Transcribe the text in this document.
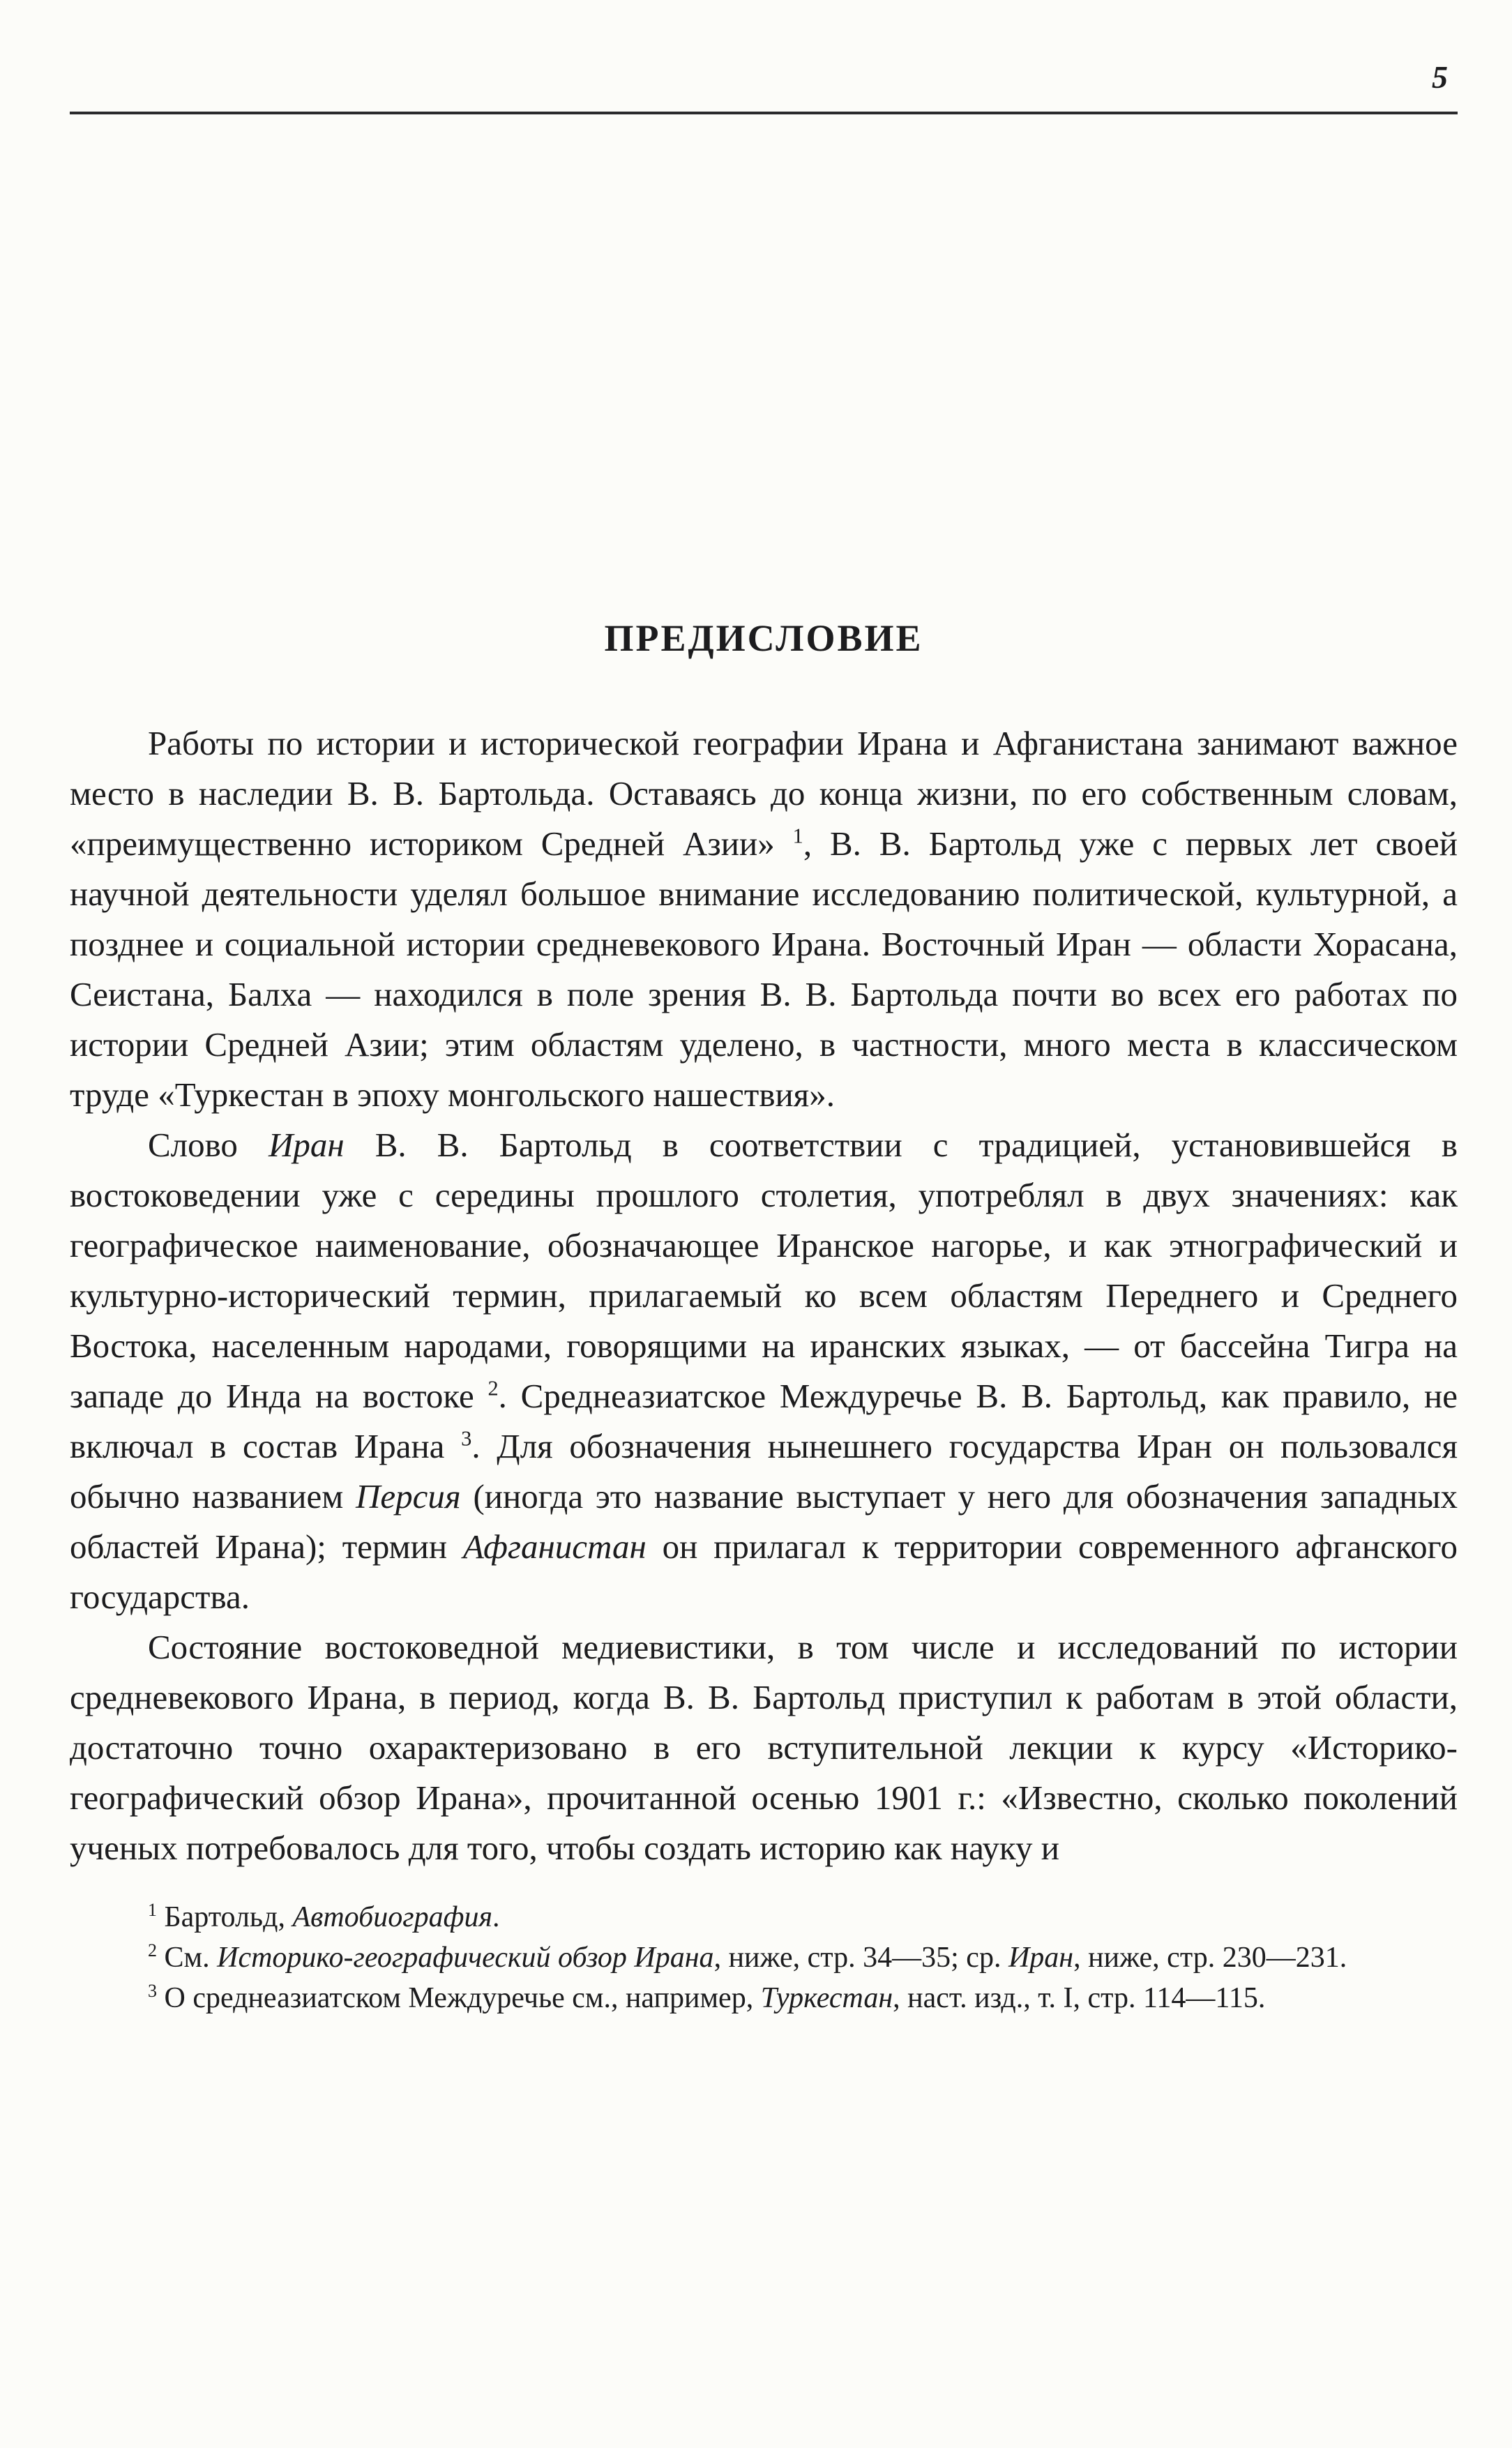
5
ПРЕДИСЛОВИЕ

Работы по истории и исторической географии Ирана и Афганистана занимают важное место в наследии В. В. Бартольда. Оставаясь до конца жизни, по его собственным словам, «преимущественно историком Средней Азии» $^1$, В. В. Бартольд уже с первых лет своей научной деятельности уделял большое внимание исследованию политической, культурной, а позднее и социальной истории средневекового Ирана. Восточный Иран — области Хорасана, Сеистана, Балха — находился в поле зрения В. В. Бартольда почти во всех его работах по истории Средней Азии; этим областям уделено, в частности, много места в классическом труде «Туркестан в эпоху монгольского нашествия».

Слово Иран В. В. Бартольд в соответствии с традицией, установившейся в востоковедении уже с середины прошлого столетия, употреблял в двух значениях: как географическое наименование, обозначающее Иранское нагорье, и как этнографический и культурно-исторический термин, прилагаемый ко всем областям Переднего и Среднего Востока, населенным народами, говорящими на иранских языках, — от бассейна Тигра на западе до Инда на востоке $^2$. Среднеазиатское Междуречье В. В. Бартольд, как правило, не включал в состав Ирана $^3$. Для обозначения нынешнего государства Иран он пользовался обычно названием Персия (иногда это название выступает у него для обозначения западных областей Ирана); термин Афганистан он прилагал к территории современного афганского государства.

Состояние востоковедной медиевистики, в том числе и исследований по истории средневекового Ирана, в период, когда В. В. Бартольд приступил к работам в этой области, достаточно точно охарактеризовано в его вступительной лекции к курсу «Историко-географический обзор Ирана», прочитанной осенью 1901 г.: «Известно, сколько поколений ученых потребовалось для того, чтобы создать историю как науку и

$^1$ Бартольд, Автобиография.

$^2$ См. Историко-географический обзор Ирана, ниже, стр. 34—35; ср. Иран, ниже, стр. 230—231.

$^3$ О среднеазиатском Междуречье см., например, Туркестан, наст. изд., т. I, стр. 114—115.
